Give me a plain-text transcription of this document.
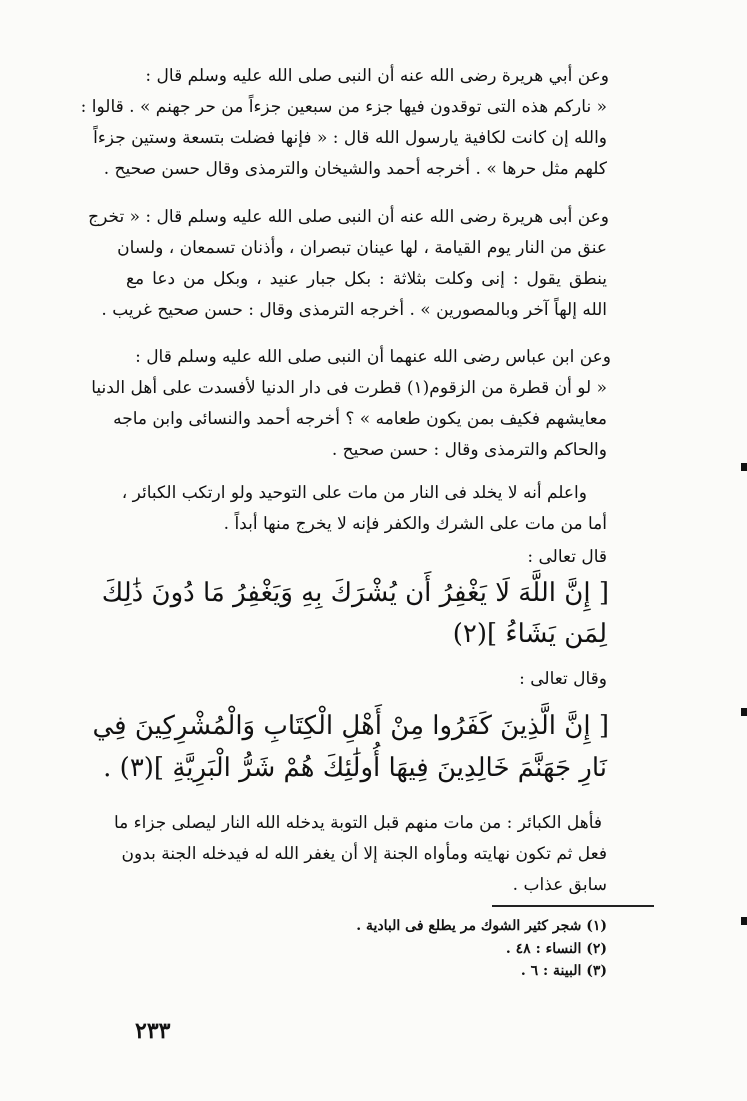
وعن أبي هريرة رضى الله عنه أن النبى صلى الله عليه وسلم قال :
« ناركم هذه التى توقدون فيها جزء من سبعين جزءاً من حر جهنم » . قالوا :
والله إن كانت لكافية يارسول الله قال : « فإنها فضلت بتسعة وستين جزءاً
كلهم مثل حرها » . أخرجه أحمد والشيخان والترمذى وقال حسن صحيح .
وعن أبى هريرة رضى الله عنه أن النبى صلى الله عليه وسلم قال : « تخرج
عنق من النار يوم القيامة ، لها عينان تبصران ، وأذنان تسمعان ، ولسان
ينطق يقول : إنى وكلت بثلاثة : بكل جبار عنيد ، وبكل من دعا مع
الله إلهاً آخر وبالمصورين » . أخرجه الترمذى وقال : حسن صحيح غريب .
وعن ابن عباس رضى الله عنهما أن النبى صلى الله عليه وسلم قال :
« لو أن قطرة من الزقوم(١) قطرت فى دار الدنيا لأفسدت على أهل الدنيا
معايشهم فكيف بمن يكون طعامه » ؟ أخرجه أحمد والنسائى وابن ماجه
والحاكم والترمذى وقال : حسن صحيح .
واعلم أنه لا يخلد فى النار من مات على التوحيد ولو ارتكب الكبائر ،
أما من مات على الشرك والكفر فإنه لا يخرج منها أبداً .
قال تعالى :
[ إِنَّ اللَّهَ لَا يَغْفِرُ أَن يُشْرَكَ بِهِ وَيَغْفِرُ مَا دُونَ ذَٰلِكَ
لِمَن يَشَاءُ ](٢)
وقال تعالى :
[ إِنَّ الَّذِينَ كَفَرُوا مِنْ أَهْلِ الْكِتَابِ وَالْمُشْرِكِينَ فِي
نَارِ جَهَنَّمَ خَالِدِينَ فِيهَا أُولَٰئِكَ هُمْ شَرُّ الْبَرِيَّةِ ](٣) .
فأهل الكبائر : من مات منهم قبل التوبة يدخله الله النار ليصلى جزاء ما
فعل ثم تكون نهايته ومأواه الجنة إلا أن يغفر الله له فيدخله الجنة بدون
سابق عذاب .
(١) شجر كثير الشوك مر يطلع فى البادية .
(٢) النساء : ٤٨ .
(٣) البينة : ٦ .
٢٣٣
